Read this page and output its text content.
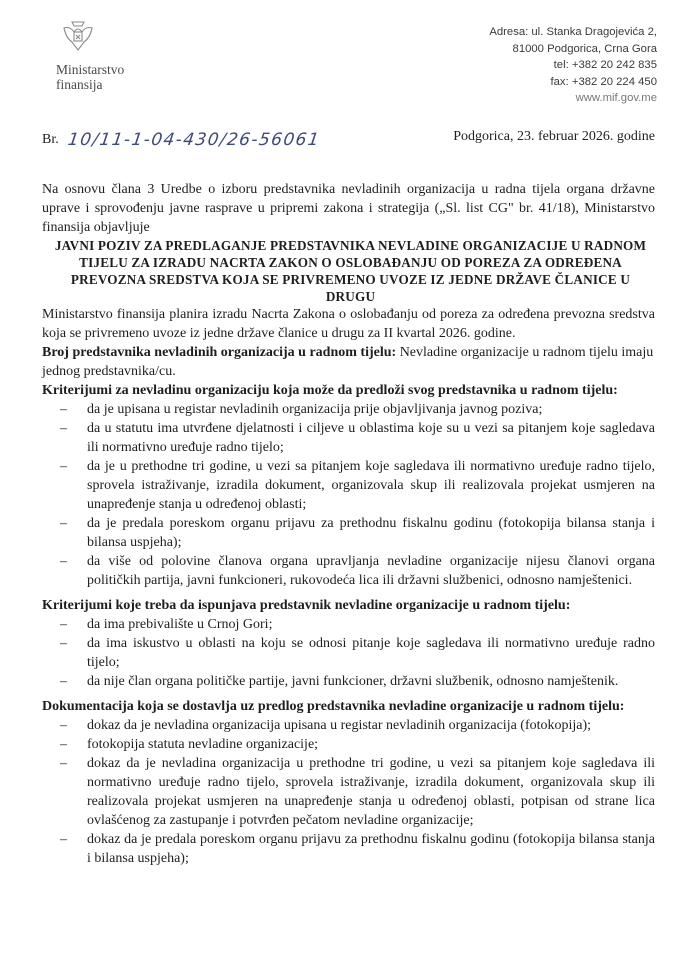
Ministarstvo
finansija
Adresa: ul. Stanka Dragojevića 2,
81000 Podgorica, Crna Gora
tel: +382 20 242 835
fax: +382 20 224 450
www.mif.gov.me
Br. 10/11-1-04-430/26-56061	Podgorica, 23. februar 2026. godine

Na osnovu člana 3 Uredbe o izboru predstavnika nevladinih organizacija u radna tijela organa državne uprave i sprovođenju javne rasprave u pripremi zakona i strategija („Sl. list CG" br. 41/18), Ministarstvo finansija objavljuje

JAVNI POZIV ZA PREDLAGANJE PREDSTAVNIKA NEVLADINE ORGANIZACIJE U RADNOM TIJELU ZA IZRADU NACRTA ZAKON O OSLOBAĐANJU OD POREZA ZA ODREĐENA PREVOZNA SREDSTVA KOJA SE PRIVREMENO UVOZE IZ JEDNE DRŽAVE ČLANICE U DRUGU

Ministarstvo finansija planira izradu Nacrta Zakona o oslobađanju od poreza za određena prevozna sredstva koja se privremeno uvoze iz jedne države članice u drugu za II kvartal 2026. godine.

Broj predstavnika nevladinih organizacija u radnom tijelu: Nevladine organizacije u radnom tijelu imaju jednog predstavnika/cu.

Kriterijumi za nevladinu organizaciju koja može da predloži svog predstavnika u radnom tijelu:

– da je upisana u registar nevladinih organizacija prije objavljivanja javnog poziva;
– da u statutu ima utvrđene djelatnosti i ciljeve u oblastima koje su u vezi sa pitanjem koje sagledava ili normativno uređuje radno tijelo;
– da je u prethodne tri godine, u vezi sa pitanjem koje sagledava ili normativno uređuje radno tijelo, sprovela istraživanje, izradila dokument, organizovala skup ili realizovala projekat usmjeren na unapređenje stanja u određenoj oblasti;
– da je predala poreskom organu prijavu za prethodnu fiskalnu godinu (fotokopija bilansa stanja i bilansa uspjeha);
– da više od polovine članova organa upravljanja nevladine organizacije nijesu članovi organa političkih partija, javni funkcioneri, rukovodeća lica ili državni službenici, odnosno namještenici.

Kriterijumi koje treba da ispunjava predstavnik nevladine organizacije u radnom tijelu:

– da ima prebivalište u Crnoj Gori;
– da ima iskustvo u oblasti na koju se odnosi pitanje koje sagledava ili normativno uređuje radno tijelo;
– da nije član organa političke partije, javni funkcioner, državni službenik, odnosno namještenik.

Dokumentacija koja se dostavlja uz predlog predstavnika nevladine organizacije u radnom tijelu:

– dokaz da je nevladina organizacija upisana u registar nevladinih organizacija (fotokopija);
– fotokopija statuta nevladine organizacije;
– dokaz da je nevladina organizacija u prethodne tri godine, u vezi sa pitanjem koje sagledava ili normativno uređuje radno tijelo, sprovela istraživanje, izradila dokument, organizovala skup ili realizovala projekat usmjeren na unapređenje stanja u određenoj oblasti, potpisan od strane lica ovlašćenog za zastupanje i potvrđen pečatom nevladine organizacije;
– dokaz da je predala poreskom organu prijavu za prethodnu fiskalnu godinu (fotokopija bilansa stanja i bilansa uspjeha);
